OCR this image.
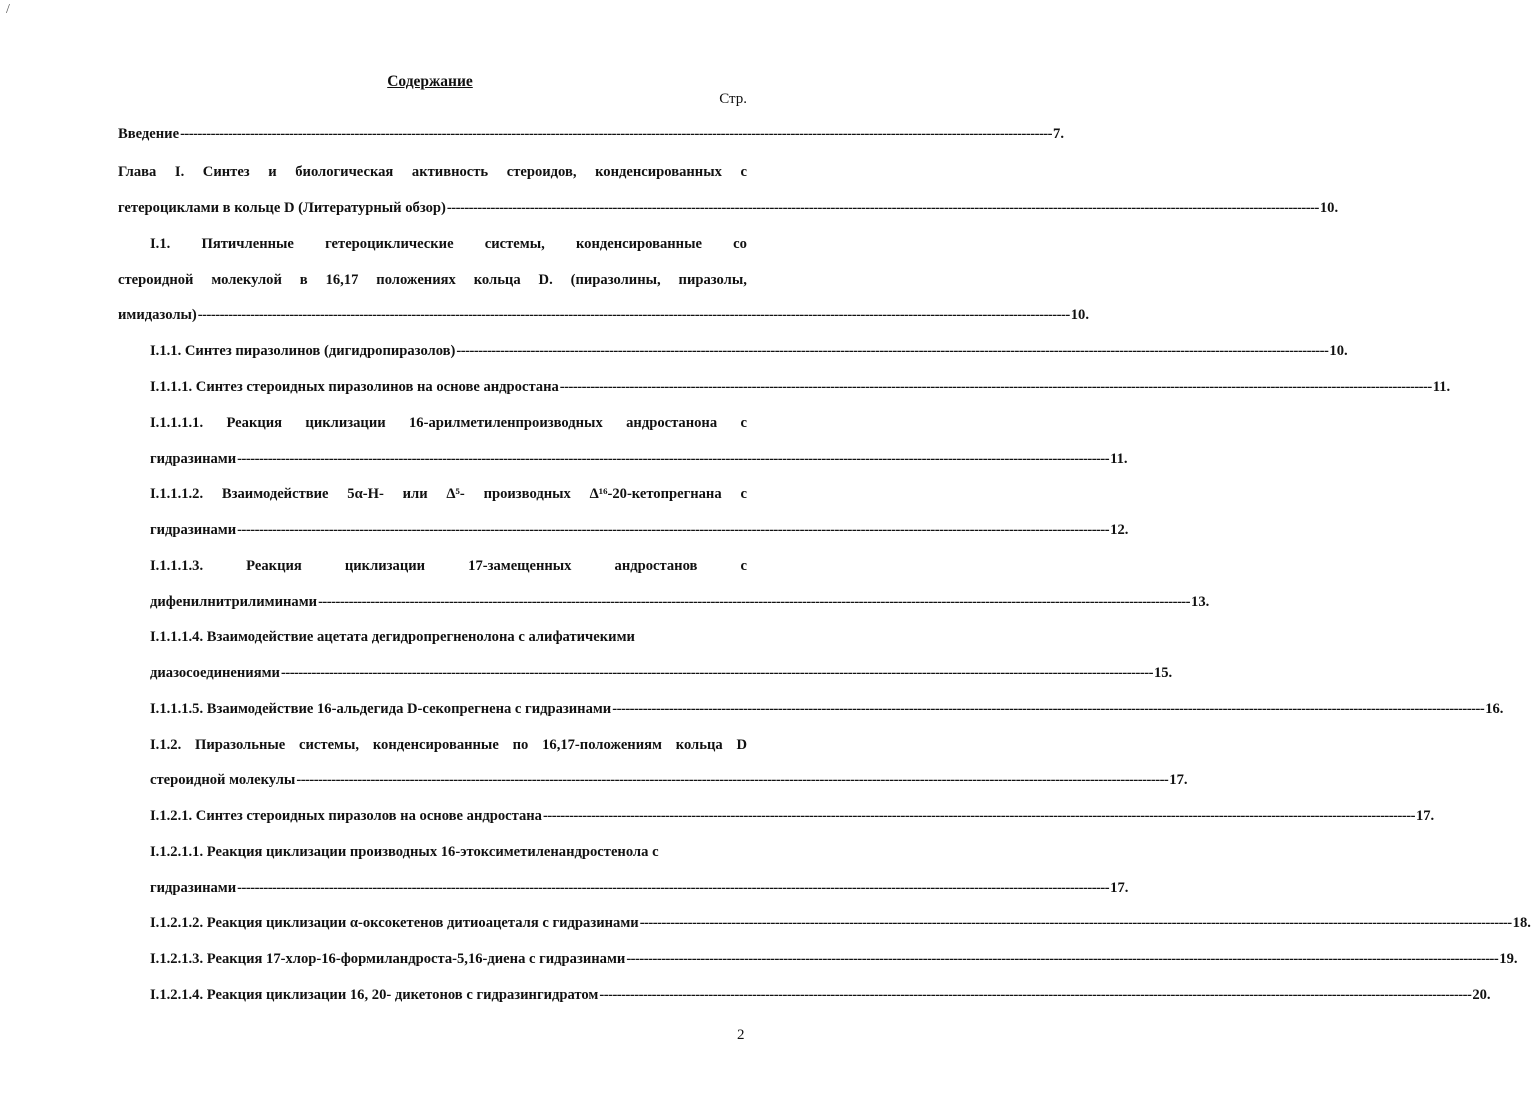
/
Содержание
Стр.
Введение -------------------------------------------------------------------------------------------------------------------------------------------------------------------------------------------------------- 7.
Глава I. Синтез и биологическая активность стероидов, конденсированных с
гетероциклами в кольце D (Литературный обзор) -------------------------------------------------------------------------------------------------------------------------------------------------------------------------------------------------------- 10.
I.1. Пятичленные гетероциклические системы, конденсированные со
стероидной молекулой в 16,17 положениях кольца D. (пиразолины, пиразолы,
имидазолы) -------------------------------------------------------------------------------------------------------------------------------------------------------------------------------------------------------- 10.
I.1.1. Синтез пиразолинов (дигидропиразолов) -------------------------------------------------------------------------------------------------------------------------------------------------------------------------------------------------------- 10.
I.1.1.1. Синтез стероидных пиразолинов на основе андростана -------------------------------------------------------------------------------------------------------------------------------------------------------------------------------------------------------- 11.
I.1.1.1.1. Реакция циклизации 16-арилметиленпроизводных андростанона с
гидразинами -------------------------------------------------------------------------------------------------------------------------------------------------------------------------------------------------------- 11.
I.1.1.1.2. Взаимодействие 5α-Н- или Δ⁵- производных Δ¹⁶-20-кетопрегнана с
гидразинами -------------------------------------------------------------------------------------------------------------------------------------------------------------------------------------------------------- 12.
I.1.1.1.3.	Реакция	циклизации	17-замещенных	андростанов	с
дифенилнитрилиминами -------------------------------------------------------------------------------------------------------------------------------------------------------------------------------------------------------- 13.
I.1.1.1.4. Взаимодействие ацетата дегидропрегненолона с алифатичекими
диазосоединениями -------------------------------------------------------------------------------------------------------------------------------------------------------------------------------------------------------- 15.
I.1.1.1.5. Взаимодействие 16-альдегида D-секопрегнена с гидразинами -------------------------------------------------------------------------------------------------------------------------------------------------------------------------------------------------------- 16.
I.1.2. Пиразольные системы, конденсированные по 16,17-положениям кольца D
стероидной молекулы -------------------------------------------------------------------------------------------------------------------------------------------------------------------------------------------------------- 17.
I.1.2.1. Синтез стероидных пиразолов на основе андростана -------------------------------------------------------------------------------------------------------------------------------------------------------------------------------------------------------- 17.
I.1.2.1.1. Реакция циклизации производных 16-этоксиметиленандростенола с
гидразинами -------------------------------------------------------------------------------------------------------------------------------------------------------------------------------------------------------- 17.
I.1.2.1.2. Реакция циклизации α-оксокетенов дитиоацеталя с гидразинами -------------------------------------------------------------------------------------------------------------------------------------------------------------------------------------------------------- 18.
I.1.2.1.3. Реакция 17-хлор-16-формиландроста-5,16-диена с гидразинами -------------------------------------------------------------------------------------------------------------------------------------------------------------------------------------------------------- 19.
I.1.2.1.4. Реакция циклизации 16, 20- дикетонов с гидразингидратом -------------------------------------------------------------------------------------------------------------------------------------------------------------------------------------------------------- 20.
2
